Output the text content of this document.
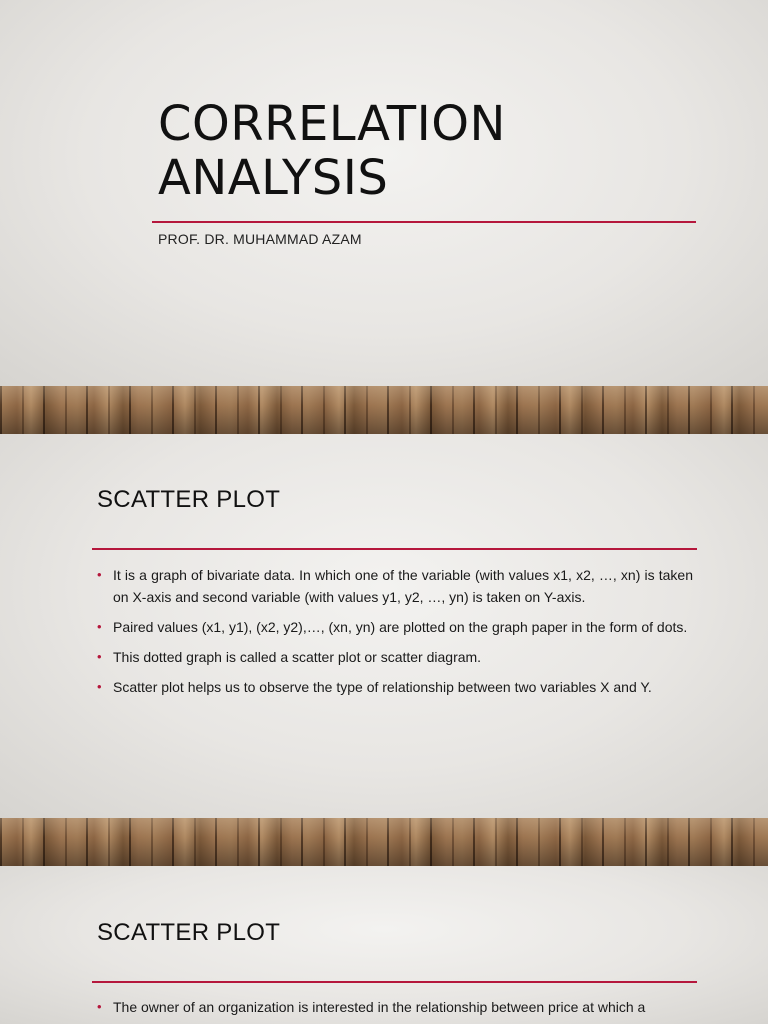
CORRELATION
ANALYSIS
PROF. DR. MUHAMMAD AZAM
SCATTER PLOT
• It is a graph of bivariate data. In which one of the variable (with values x1, x2, …, xn) is taken on X-axis and second variable (with values y1, y2, …, yn) is taken on Y-axis.
• Paired values (x1, y1), (x2, y2),…, (xn, yn) are plotted on the graph paper in the form of dots.
• This dotted graph is called a scatter plot or scatter diagram.
• Scatter plot helps us to observe the type of relationship between two variables X and Y.
SCATTER PLOT
• The owner of an organization is interested in the relationship between price at which a
